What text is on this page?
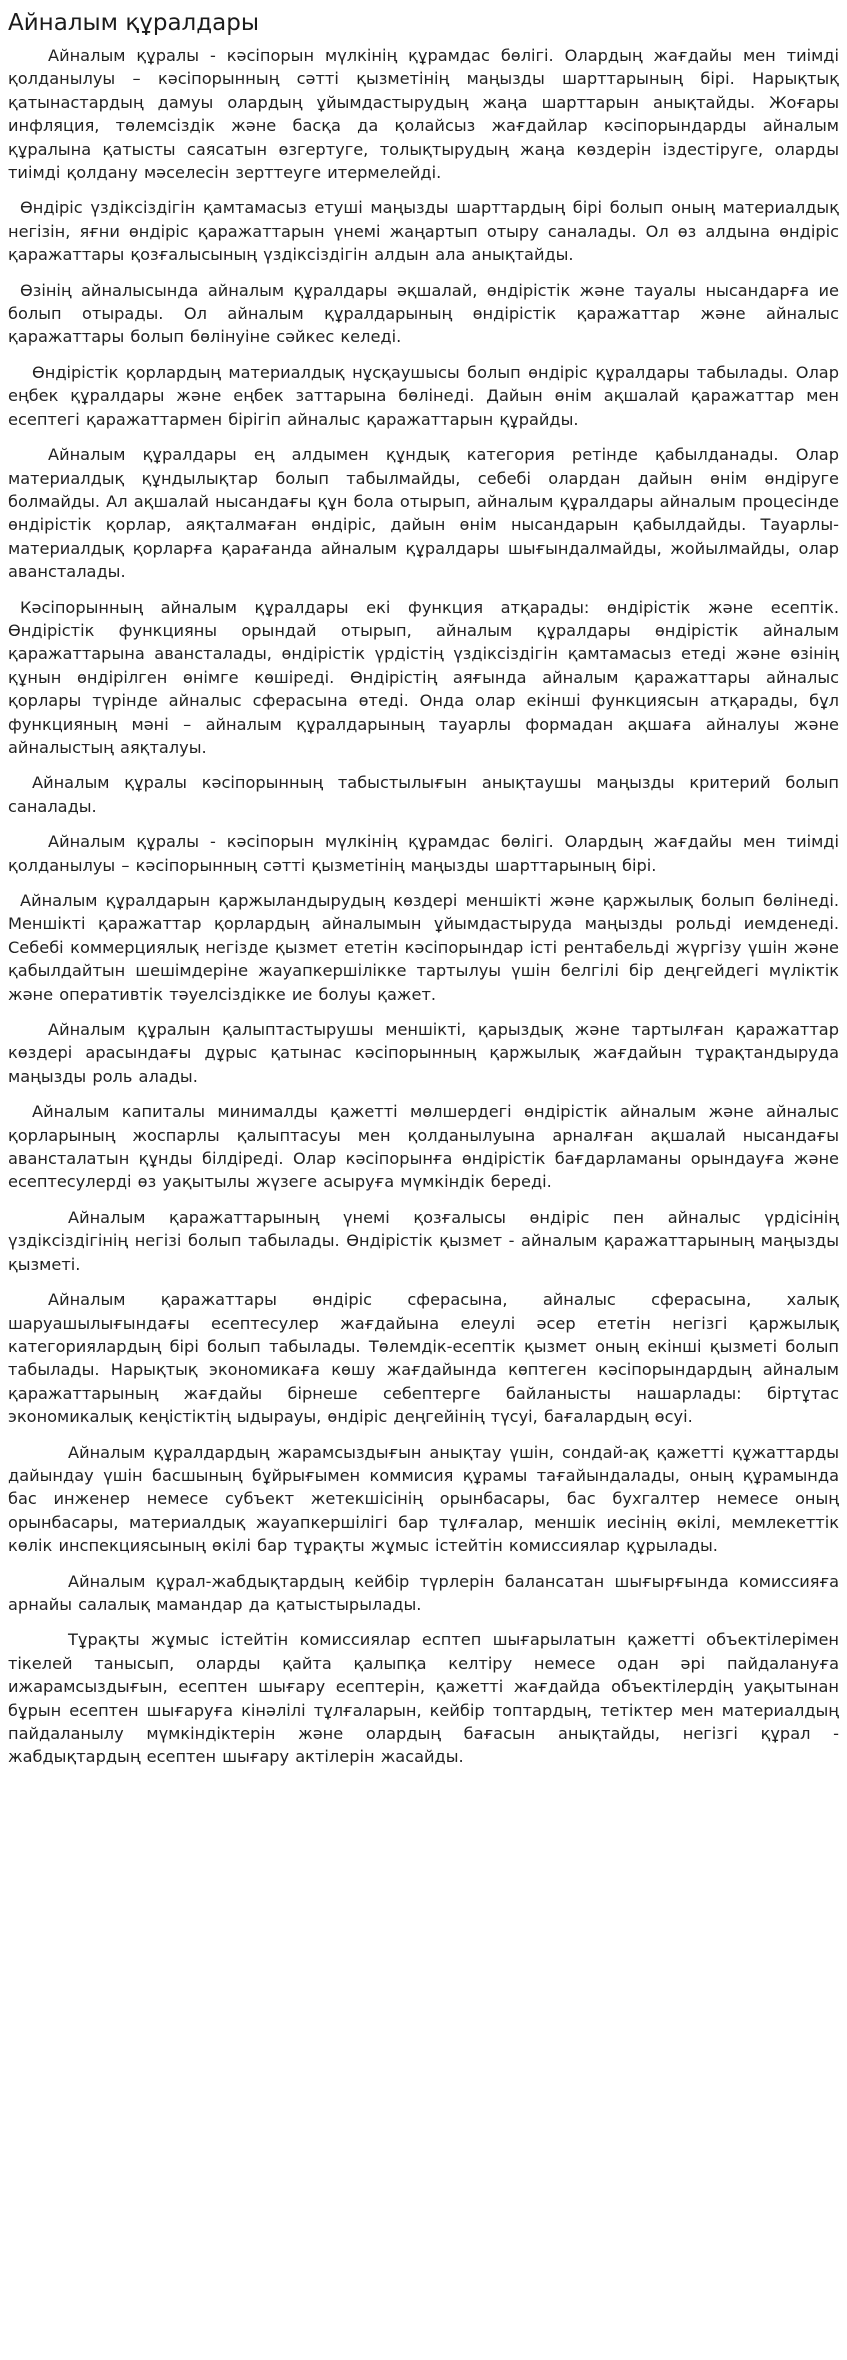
Айналым құралдары

Айналым құралы - кәсіпорын мүлкінің құрамдас бөлігі. Олардың жағдайы мен тиімді қолданылуы – кәсіпорынның сәтті қызметінің маңызды шарттарының бірі. Нарықтық қатынастардың дамуы олардың ұйымдастырудың жаңа шарттарын анықтайды. Жоғары инфляция, төлемсіздік және басқа да қолайсыз жағдайлар кәсіпорындарды айналым құралына қатысты саясатын өзгертуге, толықтырудың жаңа көздерін іздестіруге, оларды тиімді қолдану мәселесін зерттеуге итермелейді.

Өндіріс үздіксіздігін қамтамасыз етуші маңызды шарттардың бірі болып оның материалдық негізін, яғни өндіріс қаражаттарын үнемі жаңартып отыру саналады. Ол өз алдына өндіріс қаражаттары қозғалысының үздіксіздігін алдын ала анықтайды.

Өзінің айналысында айналым құралдары әқшалай, өндірістік және тауалы нысандарға ие болып отырады. Ол айналым құралдарының өндірістік қаражаттар және айналыс қаражаттары болып бөлінуіне сәйкес келеді.

Өндірістік қорлардың материалдық нұсқаушысы болып өндіріс құралдары табылады. Олар еңбек құралдары және еңбек заттарына бөлінеді. Дайын өнім ақшалай қаражаттар мен есептегі қаражаттармен бірігіп айналыс қаражаттарын құрайды.

Айналым құралдары ең алдымен құндық категория ретінде қабылданады. Олар материалдық құндылықтар болып табылмайды, себебі олардан дайын өнім өндіруге болмайды. Ал ақшалай нысандағы құн бола отырып, айналым құралдары айналым процесінде өндірістік қорлар, аяқталмаған өндіріс, дайын өнім нысандарын қабылдайды. Тауарлы-материалдық қорларға қарағанда айналым құралдары шығындалмайды, жойылмайды, олар авансталады.

Кәсіпорынның айналым құралдары екі функция атқарады: өндірістік және есептік. Өндірістік функцияны орындай отырып, айналым құралдары өндірістік айналым қаражаттарына авансталады, өндірістік үрдістің үздіксіздігін қамтамасыз етеді және өзінің құнын өндірілген өнімге көшіреді. Өндірістің аяғында айналым қаражаттары айналыс қорлары түрінде айналыс сферасына өтеді. Онда олар екінші функциясын атқарады, бұл функцияның мәні – айналым құралдарының тауарлы формадан ақшаға айналуы және айналыстың аяқталуы.

Айналым құралы кәсіпорынның табыстылығын анықтаушы маңызды критерий болып саналады.

Айналым құралы - кәсіпорын мүлкінің құрамдас бөлігі. Олардың жағдайы мен тиімді қолданылуы – кәсіпорынның сәтті қызметінің маңызды шарттарының бірі.

Айналым құралдарын қаржыландырудың көздері меншікті және қаржылық болып бөлінеді. Меншікті қаражаттар қорлардың айналымын ұйымдастыруда маңызды рольді иемденеді. Себебі коммерциялық негізде қызмет ететін кәсіпорындар іс​ті рентабельді жүргізу үшін және қабылдайтын шешімдеріне жауапкершілікке тартылуы үшін белгілі бір деңгейдегі мүліктік және оперативтік тәуелсіздікке ие болуы қажет.

Айналым құралын қалыптастырушы меншікті, қарыздық және тартылған қаражаттар көздері арасындағы дұрыс қатынас кәсіпорынның қаржылық жағдайын тұрақтандыруда маңызды роль алады.

Айналым капиталы минималды қажетті мөлшердегі өндірістік айналым және айналыс қорларының жоспарлы қалыптасуы мен қолданылуына арналған ақшалай нысандағы авансталатын құнды білдіреді. Олар кәсіпорынға өндірістік бағдарламаны орындауға және есептесулерді өз уақытылы жүзеге асыруға мүмкіндік береді.

Айналым қаражаттарының үнемі қозғалысы өндіріс пен айналыс үрдісінің үздіксіздігінің негізі болып табылады. Өндірістік қызмет - айналым қаражаттарының маңызды қызметі.

Айналым қаражаттары өндіріс сферасына, айналыс сферасына, халық шаруашылығындағы есептесулер жағдайына елеулі әсер ететін негізгі қаржылық категориялардың бірі болып табылады. Төлемдік-есептік қызмет оның екінші қызметі болып табылады. Нарықтық экономикаға көшу жағдайында көптеген кәсіпорындардың айналым қаражаттарының жағдайы бірнеше себептерге байланысты нашарлады: біртұтас экономикалық кеңістіктің ыдырауы, өндіріс деңгейінің түсуі, бағалардың өсуі.

Айналым құралдардың жарамсыздығын анықтау үшін, сондай-ақ қажетті құжаттарды дайындау үшін басшының бұйрығымен коммисия құрамы тағайындалады, оның құрамында бас инженер немесе субъект жетекшісінің орынбасары, бас бухгалтер немесе оның орынбасары, материалдық жауапкершілігі бар тұлғалар, меншік иесінің өкілі, мемлекеттік көлік инспекциясының өкілі бар тұрақты жұмыс істейтін комиссиялар құрылады.

Айналым құрал-жабдықтардың кейбір түрлерін балансатан шығырғында комиссияға арнайы салалық мамандар да қатыстырылады.

Тұрақты жұмыс істейтін комиссиялар есптеп шығарылатын қажетті объектілерімен тікелей танысып, оларды қайта қалыпқа келтіру немесе одан әрі пайдалануға ижарамсыздығын, есептен шығару есептерін, қажетті жағдайда объектілердің уақытынан бұрын есептен шығаруға кінәлілі тұлғаларын, кейбір топтардың, тетіктер мен материалдың пайдаланылу мүмкіндіктерін және олардың бағасын анықтайды, негізгі құрал - жабдықтардың есептен шығару актілерін жасайды.
